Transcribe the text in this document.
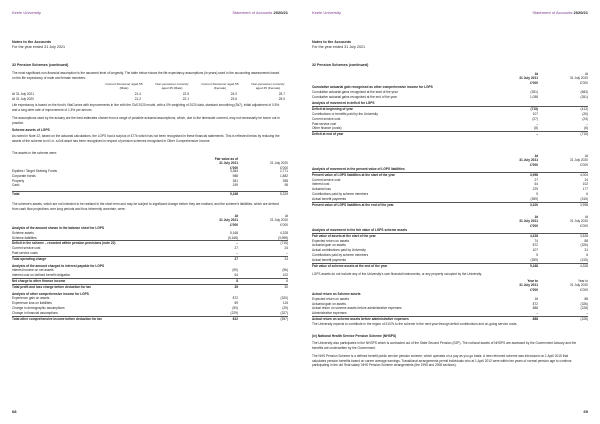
Keele University	Statement of Accounts 2020/21
Notes to the Accounts
For the year ended 31 July 2021
32 Pension Schemes (continued)
The most significant non-financial assumption is the assumed level of longevity. The table below shows the life expectancy assumptions (in years) used in the accounting assessments based on the life expectancy of male and female members:
Current Pensioner aged 65 (Male)
Non-pensioner currently aged 45 (Male)
Current Pensioner aged 65 (Female)
Non-pensioner currently aged 45 (Female)
At 31 July 2021	21.4	22.5	24.0	25.7
At 31 July 2020	21.2	22.1	23.6	25.0
Life expectancy is based on the fund's VitaCurves with improvements in line with the CMI 2020 model, with a 0% weighting of 2020 data, standard smoothing (Sk7), initial adjustment of 0.5% and a long-term rate of improvement of 1.5% per annum.
The assumptions used by the actuary are the best estimates chosen from a range of possible actuarial assumptions, which, due to the timescale covered, may not necessarily be borne out in practice.
Scheme assets of LGPS
As noted in Note 22, based on the actuarial calculations, the LGPS had a surplus of £77k which has not been recognised in these financial statements. This is reflected below by reducing the assets of the scheme to nil i.e. a £nil asset has been recognised in respect of pension schemes recognised in Other Comprehensive Income.
The assets in the scheme were:
Fair value as of
31 July 2021
£'000

31 July 2020
£'000
Equities / Target Seeking Funds	3,384	2,771
Corporate bonds	988	1,882
Property	381	358
Cash	159	98
Total	5,168	5,329
The scheme's assets, which are not intended to be realised in the short term and may be subject to significant change before they are realised, and the scheme's liabilities, which are derived from cash flow projections over long periods and thus inherently uncertain, were:
At
31 July 2021
£'000
At
31 July 2020
£'000
Analysis of the amount shown in the balance sheet for LGPS
Scheme assets	5,168	4,328
Scheme liabilities	(5,168)	(3,998)
Deficit in the scheme – recorded within pension provisions (note 22)	–	(715)
Current service cost	27	24
Past service costs	–	–
Total operating charge	27	24
Analysis of the amount charged to interest payable for LGPS
Interest income on net assets	(90)	(96)
Interest cost on defined benefit obligation	64	102
Net charge to other finance income	8	6
Total profit and loss charge before deduction for tax	35	30
Analysis of other comprehensive income for LGPS
Experience gain on assets	872	(320)
Experience loss on liabilities	69	115
Change in demographic assumptions	(90)	(25)
Change in financial assumptions	(229)	(327)
Total other comprehensive income before deduction for tax	622	(557)
68
Keele University	Statement of Accounts 2020/21
Notes to the Accounts
For the year ended 31 July 2021
32 Pension Schemes (continued)
At
31 July 2021
£'000
At
31 July 2020
£'000
Cumulative actuarial gain recognised as other comprehensive income for LGPS
Cumulative actuarial gains recognised at the start of the year	(351)	(683)
Cumulative actuarial gains recognised at the end of the year	1,058	(351)
Analysis of movement in deficit for LGPS
Deficit at beginning of year	(715)	(413)
Contributions or benefits paid by the University	107	(26)
Current service cost	(27)	(24)
Past service cost	–	–
Other finance (costs)	(8)	(6)
Deficit at end of year	–	(715)
At
31 July 2021
£'000
At
31 July 2020
£'000
Analysis of movement in the present value of LGPS liabilities
Present value of LGPS liabilities at the start of the year	3,998	4,004
Current service cost	27	24
Interest cost	64	102
Actuarial loss	229	177
Contributions paid by scheme members	5	6
Actual benefit payments	(359)	(315)
Present value of LGPS liabilities at the end of the year	3,100	3,998
At
31 July 2021
£'000
At
31 July 2020
£'000
Analysis of movement in the fair value of LGPS scheme assets
Fair value of assets at the start of the year	4,328	3,528
Expected return on assets	74	88
Actuarial gain on assets	872	(326)
Actual contributions paid by University	107	31
Contributions paid by scheme members	5	6
Actual benefit payments	(359)	(315)
Fair value of scheme assets at the end of the year	5,168	4,328
LGPS assets do not include any of the University's own financial instruments, or any property occupied by the University.
Year to
31 July 2021
£'000
Year to
31 July 2020
£'000
Actual return on Scheme assets
Expected return on assets	16	88
Actuarial gain on assets	872	(326)
Actual return on scheme assets before administrative expenses	888	(228)
Administrative expenses	–	–
Actual return on scheme assets before administrative expenses	888	(228)
The University expects to contribute in the region of £107k to the scheme in the next year through deficit contributions and on-going service costs.
(iv) National Health Service Pension Scheme (NHSPS)
The University also participates in the NHSPS which is contracted out of the State Second Pension (S2P). The notional assets of NHSPS are assessed by the Government Actuary and the benefits are underwritten by the Government.
The NHS Pension Scheme is a defined benefit public service pension scheme, which operates on a pay as you go basis. A new reformed scheme was introduced on 1 April 2015 that calculates pension benefits based on career average earnings. Transitional arrangements permit individuals who at 1 April 2012 were within ten years of normal pension age to continue participating in the old 'final salary' NHS Pension Scheme arrangements (the 1995 and 2008 sections).
69
